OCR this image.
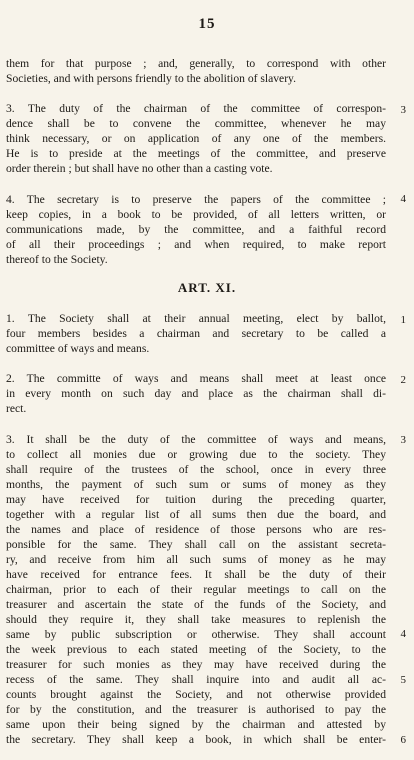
15
them for that purpose ; and, generally, to correspond with other
Societies, and with persons friendly to the abolition of slavery.
3. The duty of the chairman of the committee of correspon-
dence shall be to convene the committee, whenever he may
think necessary, or on application of any one of the members.
He is to preside at the meetings of the committee, and preserve
order therein ; but shall have no other than a casting vote.
3
4. The secretary is to preserve the papers of the committee ;
keep copies, in a book to be provided, of all letters written, or
communications made, by the committee, and a faithful record
of all their proceedings ; and when required, to make report
thereof to the Society.
4
ART. XI.
1. The Society shall at their annual meeting, elect by ballot,
four members besides a chairman and secretary to be called a
committee of ways and means.
1
2. The committe of ways and means shall meet at least once
in every month on such day and place as the chairman shall di-
rect.
2
3. It shall be the duty of the committee of ways and means,
to collect all monies due or growing due to the society. They
shall require of the trustees of the school, once in every three
months, the payment of such sum or sums of money as they
may have received for tuition during the preceding quarter,
together with a regular list of all sums then due the board, and
the names and place of residence of those persons who are res-
ponsible for the same. They shall call on the assistant secreta-
ry, and receive from him all such sums of money as he may
have received for entrance fees. It shall be the duty of their
chairman, prior to each of their regular meetings to call on the
treasurer and ascertain the state of the funds of the Society, and
should they require it, they shall take measures to replenish the
same by public subscription or otherwise. They shall account
the week previous to each stated meeting of the Society, to the
treasurer for such monies as they may have received during the
recess of the same. They shall inquire into and audit all ac-
counts brought against the Society, and not otherwise provided
for by the constitution, and the treasurer is authorised to pay the
same upon their being signed by the chairman and attested by
the secretary. They shall keep a book, in which shall be enter-
3
4
5
6
